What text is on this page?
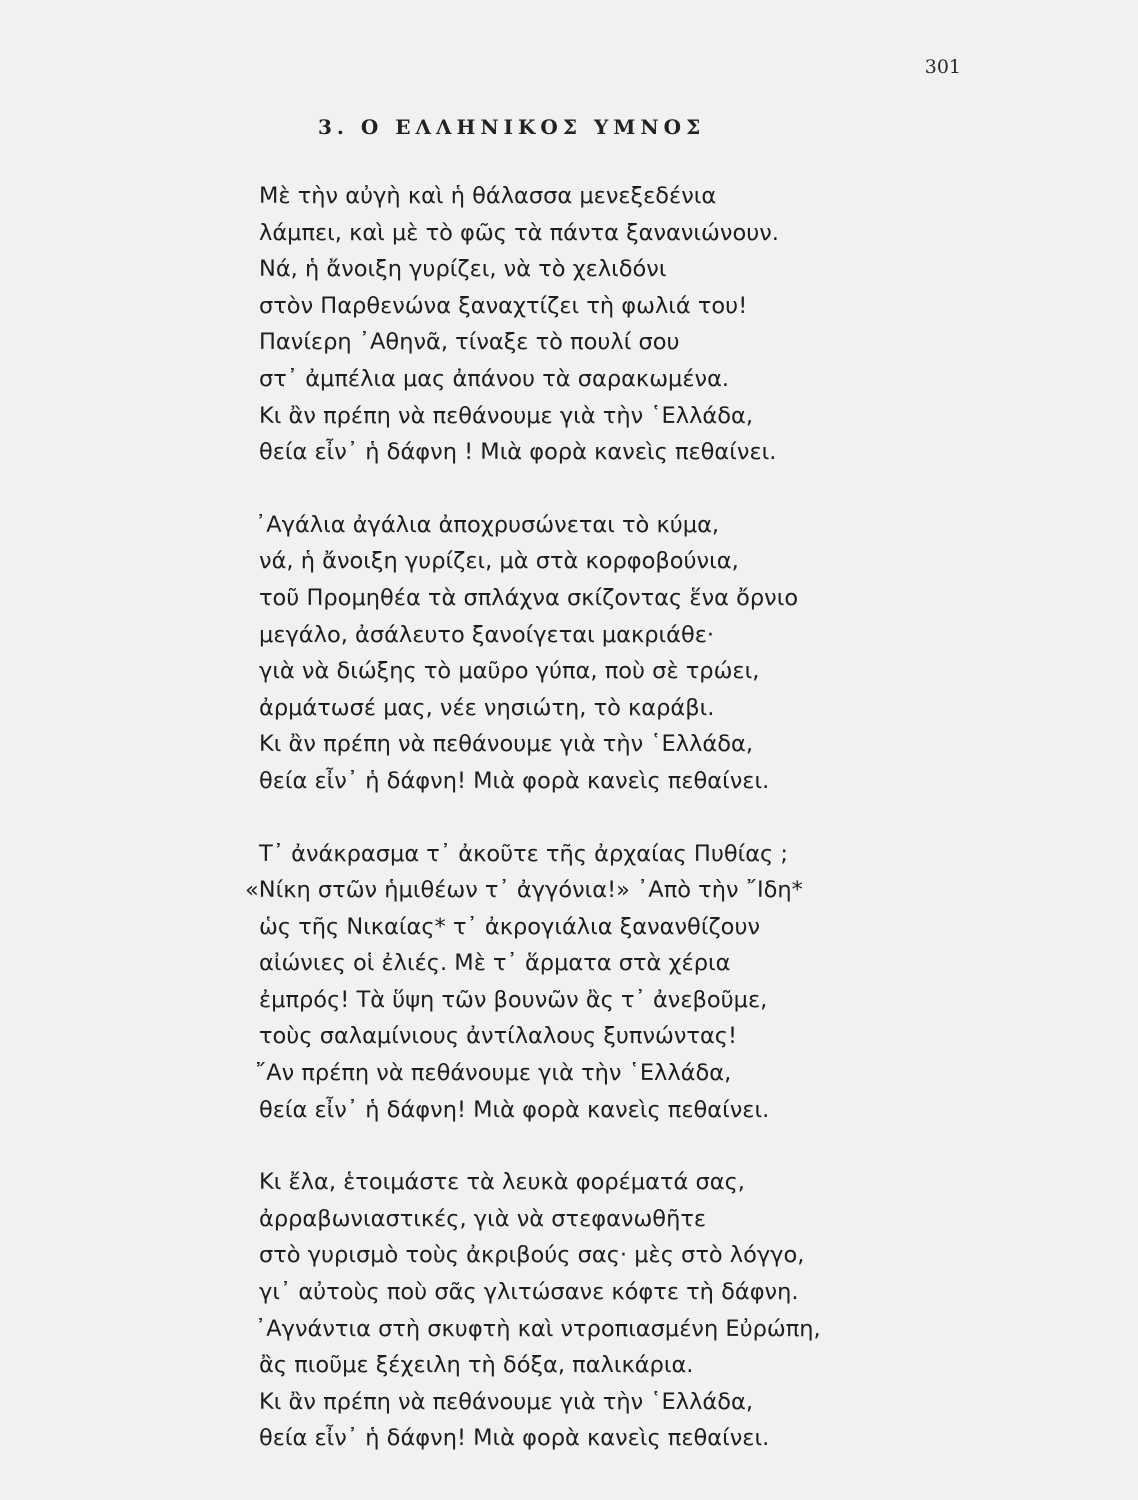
301
3. Ο ΕΛΛΗΝΙΚΟΣ ΥΜΝΟΣ
Μὲ τὴν αὐγὴ καὶ ἡ θάλασσα μενεξεδένια
λάμπει, καὶ μὲ τὸ φῶς τὰ πάντα ξανανιώνουν.
Νά, ἡ ἄνοιξη γυρίζει, νὰ τὸ χελιδόνι
στὸν Παρθενώνα ξαναχτίζει τὴ φωλιά του!
Πανίερη ᾿Αθηνᾶ, τίναξε τὸ πουλί σου
στ᾿ ἀμπέλια μας ἀπάνου τὰ σαρακωμένα.
Κι ἂν πρέπη νὰ πεθάνουμε γιὰ τὴν ῾Ελλάδα,
θεία εἶν᾿ ἡ δάφνη ! Μιὰ φορὰ κανεὶς πεθαίνει.
᾿Αγάλια ἀγάλια ἀποχρυσώνεται τὸ κύμα,
νά, ἡ ἄνοιξη γυρίζει, μὰ στὰ κορφοβούνια,
τοῦ Προμηθέα τὰ σπλάχνα σκίζοντας ἕνα ὄρνιο
μεγάλο, ἀσάλευτο ξανοίγεται μακριάθε·
γιὰ νὰ διώξης τὸ μαῦρο γύπα, ποὺ σὲ τρώει,
ἀρμάτωσέ μας, νέε νησιώτη, τὸ καράβι.
Κι ἂν πρέπη νὰ πεθάνουμε γιὰ τὴν ῾Ελλάδα,
θεία εἶν᾿ ἡ δάφνη! Μιὰ φορὰ κανεὶς πεθαίνει.
Τ᾿ ἀνάκρασμα τ᾿ ἀκοῦτε τῆς ἀρχαίας Πυθίας ;
«Νίκη στῶν ἡμιθέων τ᾿ ἀγγόνια!» ᾿Απὸ τὴν ῎Ιδη*
ὡς τῆς Νικαίας* τ᾿ ἀκρογιάλια ξανανθίζουν
αἰώνιες οἱ ἐλιές. Μὲ τ᾿ ἅρματα στὰ χέρια
ἐμπρός! Τὰ ὕψη τῶν βουνῶν ἂς τ᾿ ἀνεβοῦμε,
τοὺς σαλαμίνιους ἀντίλαλους ξυπνώντας!
῎Αν πρέπη νὰ πεθάνουμε γιὰ τὴν ῾Ελλάδα,
θεία εἶν᾿ ἡ δάφνη! Μιὰ φορὰ κανεὶς πεθαίνει.
Κι ἔλα, ἑτοιμάστε τὰ λευκὰ φορέματά σας,
ἀρραβωνιαστικές, γιὰ νὰ στεφανωθῆτε
στὸ γυρισμὸ τοὺς ἀκριβούς σας· μὲς στὸ λόγγο,
γι᾿ αὐτοὺς ποὺ σᾶς γλιτώσανε κόφτε τὴ δάφνη.
᾿Αγνάντια στὴ σκυφτὴ καὶ ντροπιασμένη Εὐρώπη,
ἂς πιοῦμε ξέχειλη τὴ δόξα, παλικάρια.
Κι ἂν πρέπη νὰ πεθάνουμε γιὰ τὴν ῾Ελλάδα,
θεία εἶν᾿ ἡ δάφνη! Μιὰ φορὰ κανεὶς πεθαίνει.
